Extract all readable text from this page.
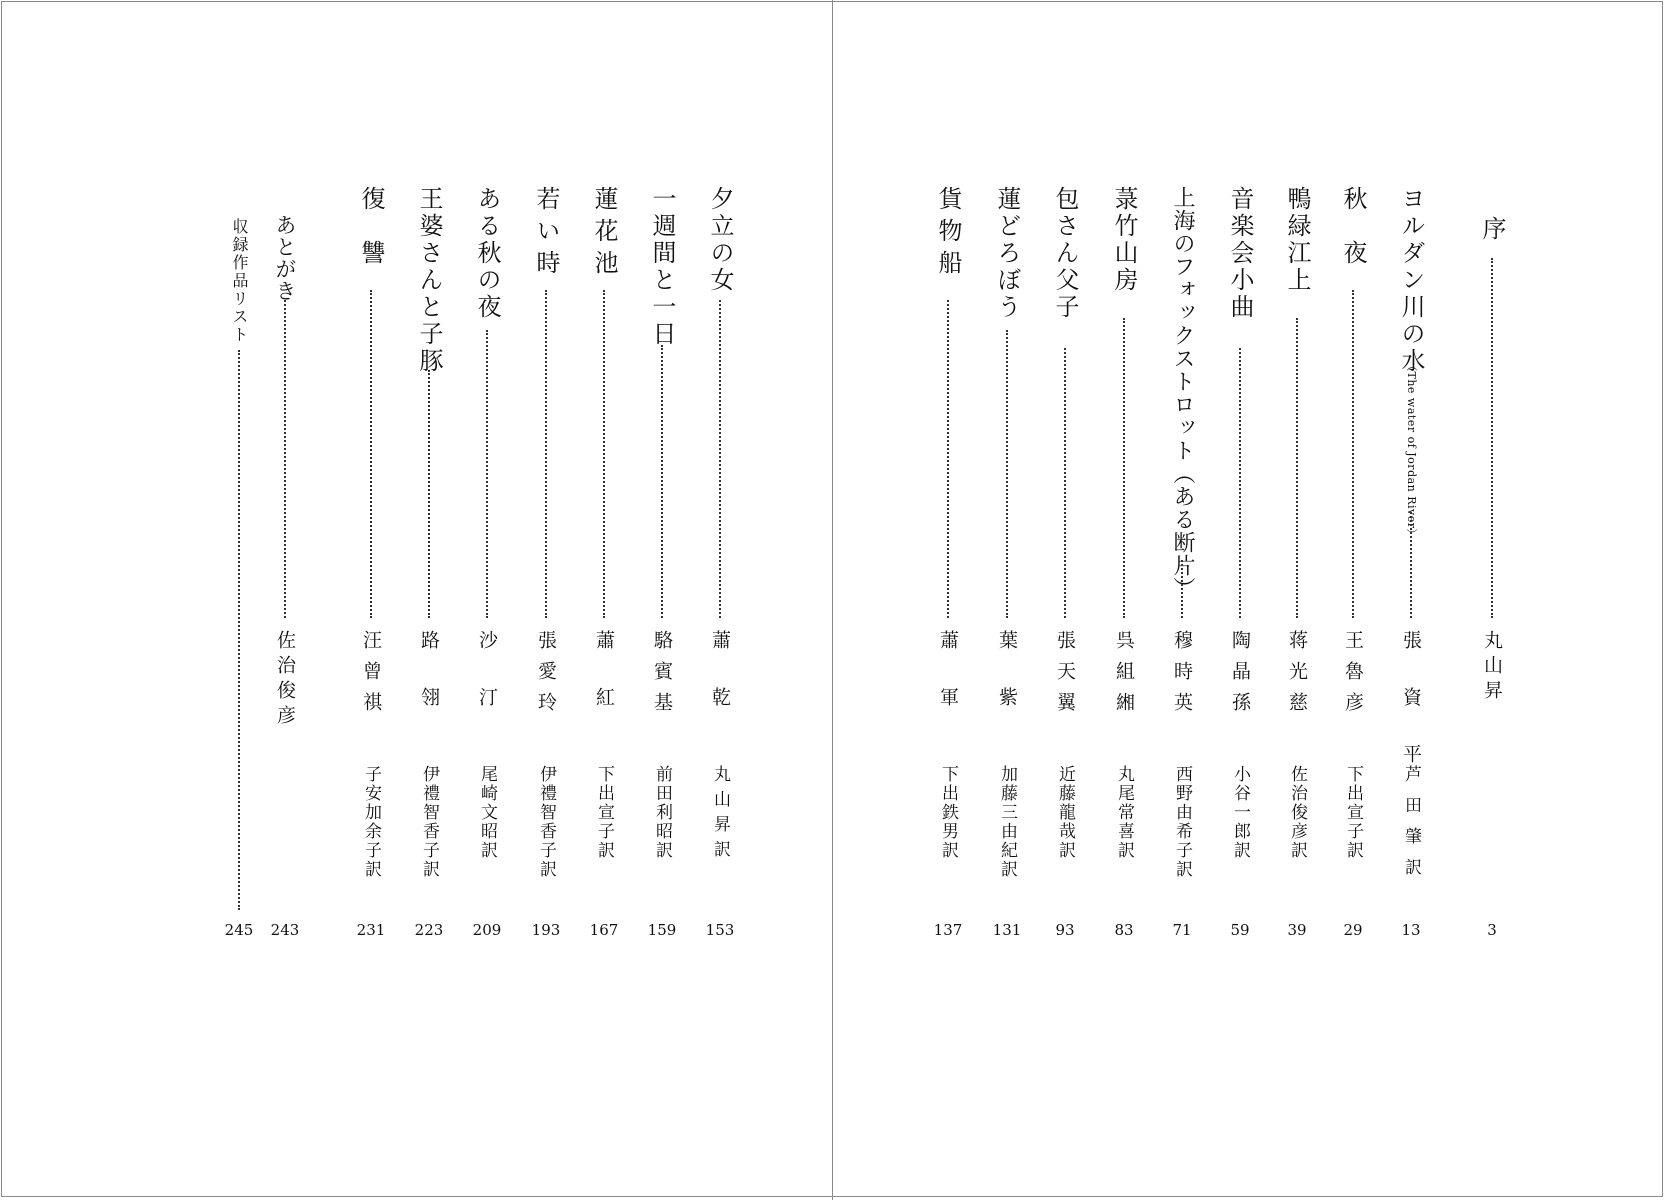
序
丸山昇
3
ヨルダン川の水
（The water of Jordan River）
張資平
芦田肇訳
13
秋夜
王魯彦
下出宣子訳
29
鴨緑江上
蒋光慈
佐治俊彦訳
39
音楽会小曲
陶晶孫
小谷一郎訳
59
上海のフォックストロット（ある断片）
穆時英
西野由希子訳
71
菉竹山房
呉組緗
丸尾常喜訳
83
包さん父子
張天翼
近藤龍哉訳
93
蓮どろぼう
葉紫
加藤三由紀訳
131
貨物船
蕭軍
下出鉄男訳
137
夕立の女
蕭乾
丸山昇訳
153
一週間と一日
駱賓基
前田利昭訳
159
蓮花池
蕭紅
下出宣子訳
167
若い時
張愛玲
伊禮智香子訳
193
ある秋の夜
沙汀
尾崎文昭訳
209
王婆さんと子豚
路翎
伊禮智香子訳
223
復讐
汪曾祺
子安加余子訳
231
あとがき
佐治俊彦
243
収録作品リスト
245
